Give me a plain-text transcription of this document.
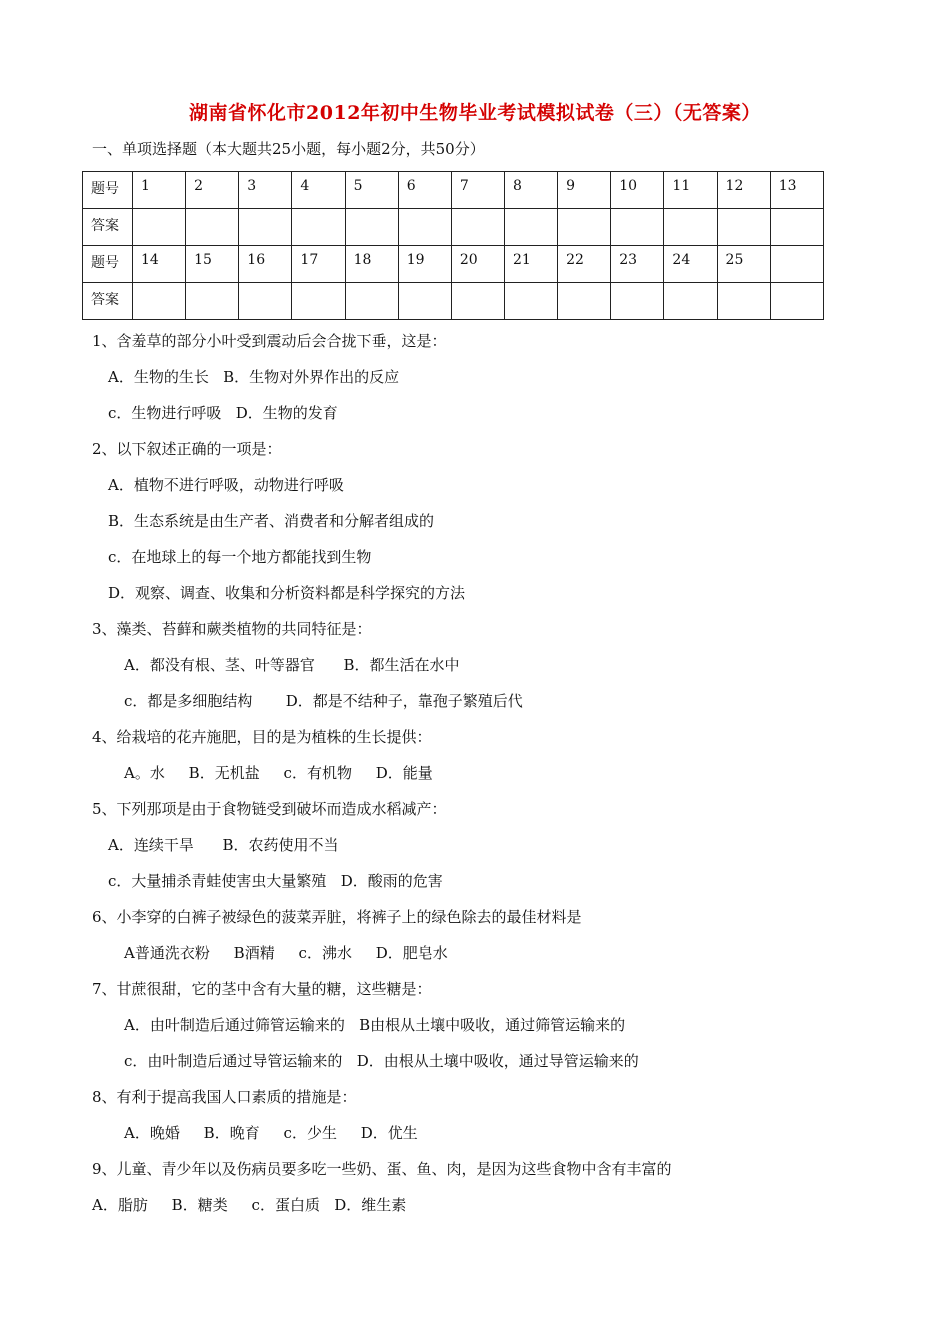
湖南省怀化市2012年初中生物毕业考试模拟试卷（三）（无答案）
一、单项选择题（本大题共25小题，每小题2分，共50分）
题号	1	2	3	4	5	6	7	8	9	10	11	12	13
答案													
题号	14	15	16	17	18	19	20	21	22	23	24	25	
答案													
1、含羞草的部分小叶受到震动后会合拢下垂，这是：
A．生物的生长   B．生物对外界作出的反应
c．生物进行呼吸   D．生物的发育
2、以下叙述正确的一项是：
A．植物不进行呼吸，动物进行呼吸
B．生态系统是由生产者、消费者和分解者组成的
c．在地球上的每一个地方都能找到生物
D．观察、调查、收集和分析资料都是科学探究的方法
3、藻类、苔藓和蕨类植物的共同特征是：
A．都没有根、茎、叶等器官      B．都生活在水中
c．都是多细胞结构       D．都是不结种子，靠孢子繁殖后代
4、给栽培的花卉施肥，目的是为植株的生长提供：
A。水     B．无机盐     c．有机物     D．能量
5、下列那项是由于食物链受到破坏而造成水稻减产：
A．连续干旱      B．农药使用不当
c．大量捕杀青蛙使害虫大量繁殖   D．酸雨的危害
6、小李穿的白裤子被绿色的菠菜弄脏，将裤子上的绿色除去的最佳材料是
A普通洗衣粉     B酒精     c．沸水     D．肥皂水
7、甘蔗很甜，它的茎中含有大量的糖，这些糖是：
A．由叶制造后通过筛管运输来的   B由根从土壤中吸收，通过筛管运输来的
c．由叶制造后通过导管运输来的   D．由根从土壤中吸收，通过导管运输来的
8、有利于提高我国人口素质的措施是：
A．晚婚     B．晚育     c．少生     D．优生
9、儿童、青少年以及伤病员要多吃一些奶、蛋、鱼、肉，是因为这些食物中含有丰富的
A．脂肪     B．糖类     c．蛋白质   D．维生素
